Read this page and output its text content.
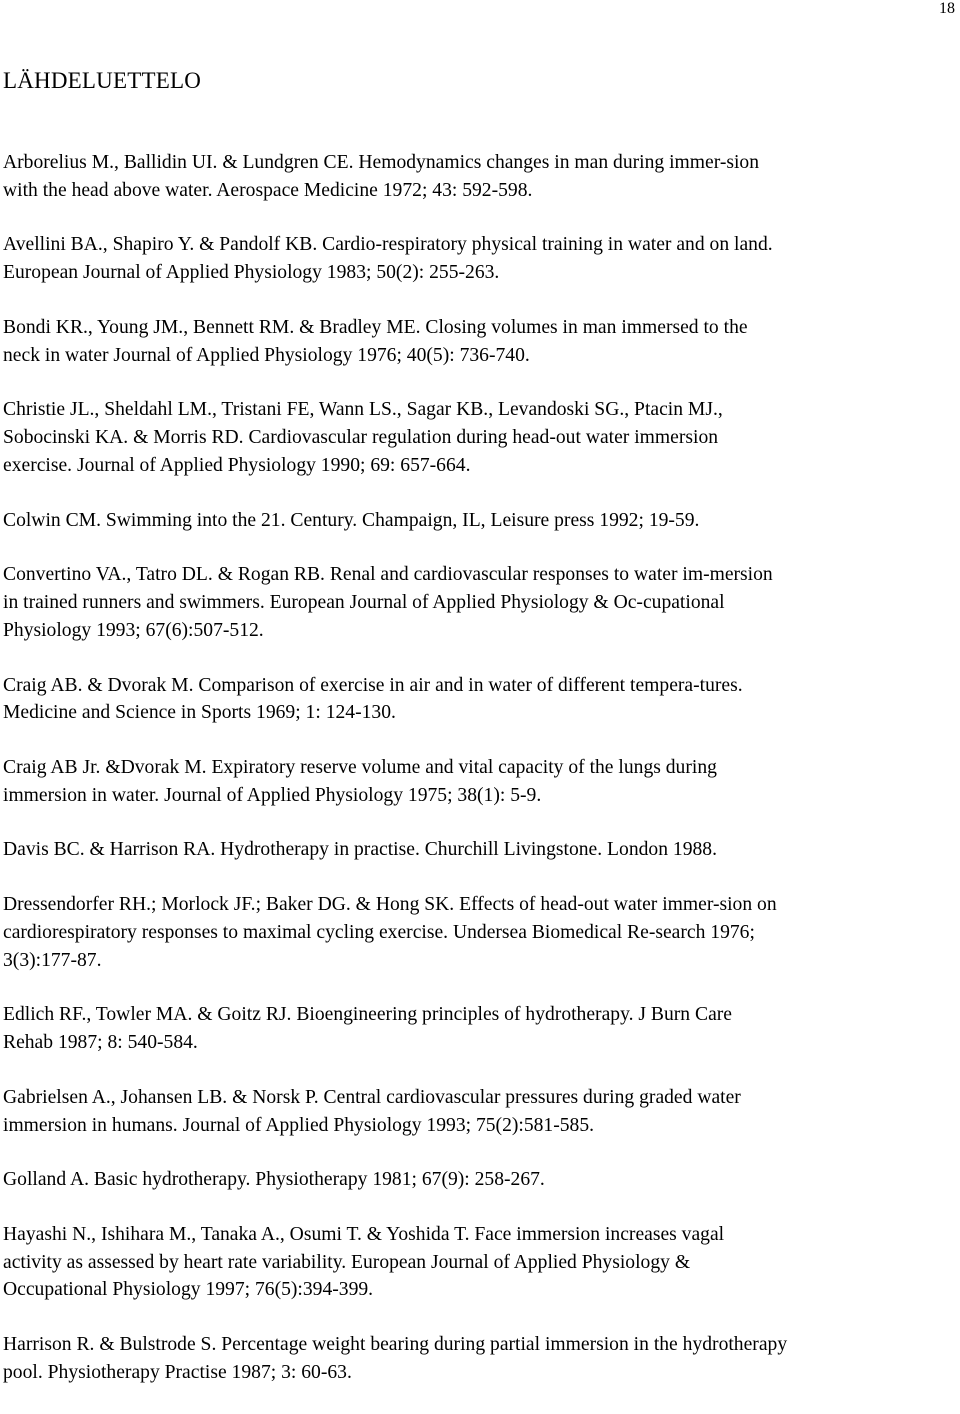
18
LÄHDELUETTELO
Arborelius M., Ballidin UI. & Lundgren CE. Hemodynamics changes in man during immer-sion
with the head above water. Aerospace Medicine 1972; 43: 592-598.
Avellini BA., Shapiro Y. & Pandolf KB. Cardio-respiratory physical training in water and on land.
European Journal of Applied Physiology 1983; 50(2): 255-263.
Bondi KR., Young JM., Bennett RM. & Bradley ME. Closing volumes in man immersed to the
neck in water Journal of Applied Physiology 1976; 40(5): 736-740.
Christie JL., Sheldahl LM., Tristani FE, Wann LS., Sagar KB., Levandoski SG., Ptacin MJ.,
Sobocinski KA. & Morris RD. Cardiovascular regulation during head-out water immersion
exercise. Journal of Applied Physiology 1990; 69: 657-664.
Colwin CM. Swimming into the 21. Century. Champaign, IL, Leisure press 1992; 19-59.
Convertino VA., Tatro DL. & Rogan RB. Renal and cardiovascular responses to water im-mersion
in trained runners and swimmers. European Journal of Applied Physiology & Oc-cupational
Physiology 1993; 67(6):507-512.
Craig AB. & Dvorak M. Comparison of exercise in air and in water of different tempera-tures.
Medicine and Science in Sports 1969; 1: 124-130.
Craig AB Jr. &Dvorak M. Expiratory reserve volume and vital capacity of the lungs during
immersion in water. Journal of Applied Physiology 1975; 38(1): 5-9.
Davis BC. & Harrison RA. Hydrotherapy in practise. Churchill Livingstone. London 1988.
Dressendorfer RH.; Morlock JF.; Baker DG. & Hong SK. Effects of head-out water immer-sion on
cardiorespiratory responses to maximal cycling exercise. Undersea Biomedical Re-search 1976;
3(3):177-87.
Edlich RF., Towler MA. & Goitz RJ. Bioengineering principles of hydrotherapy. J Burn Care
Rehab 1987; 8: 540-584.
Gabrielsen A., Johansen LB. & Norsk P. Central cardiovascular pressures during graded water
immersion in humans. Journal of Applied Physiology 1993; 75(2):581-585.
Golland A. Basic hydrotherapy. Physiotherapy 1981; 67(9): 258-267.
Hayashi N., Ishihara M., Tanaka A., Osumi T. & Yoshida T. Face immersion increases vagal
activity as assessed by heart rate variability. European Journal of Applied Physiology &
Occupational Physiology 1997; 76(5):394-399.
Harrison R. & Bulstrode S. Percentage weight bearing during partial immersion in the hydrotherapy
pool. Physiotherapy Practise 1987; 3: 60-63.
